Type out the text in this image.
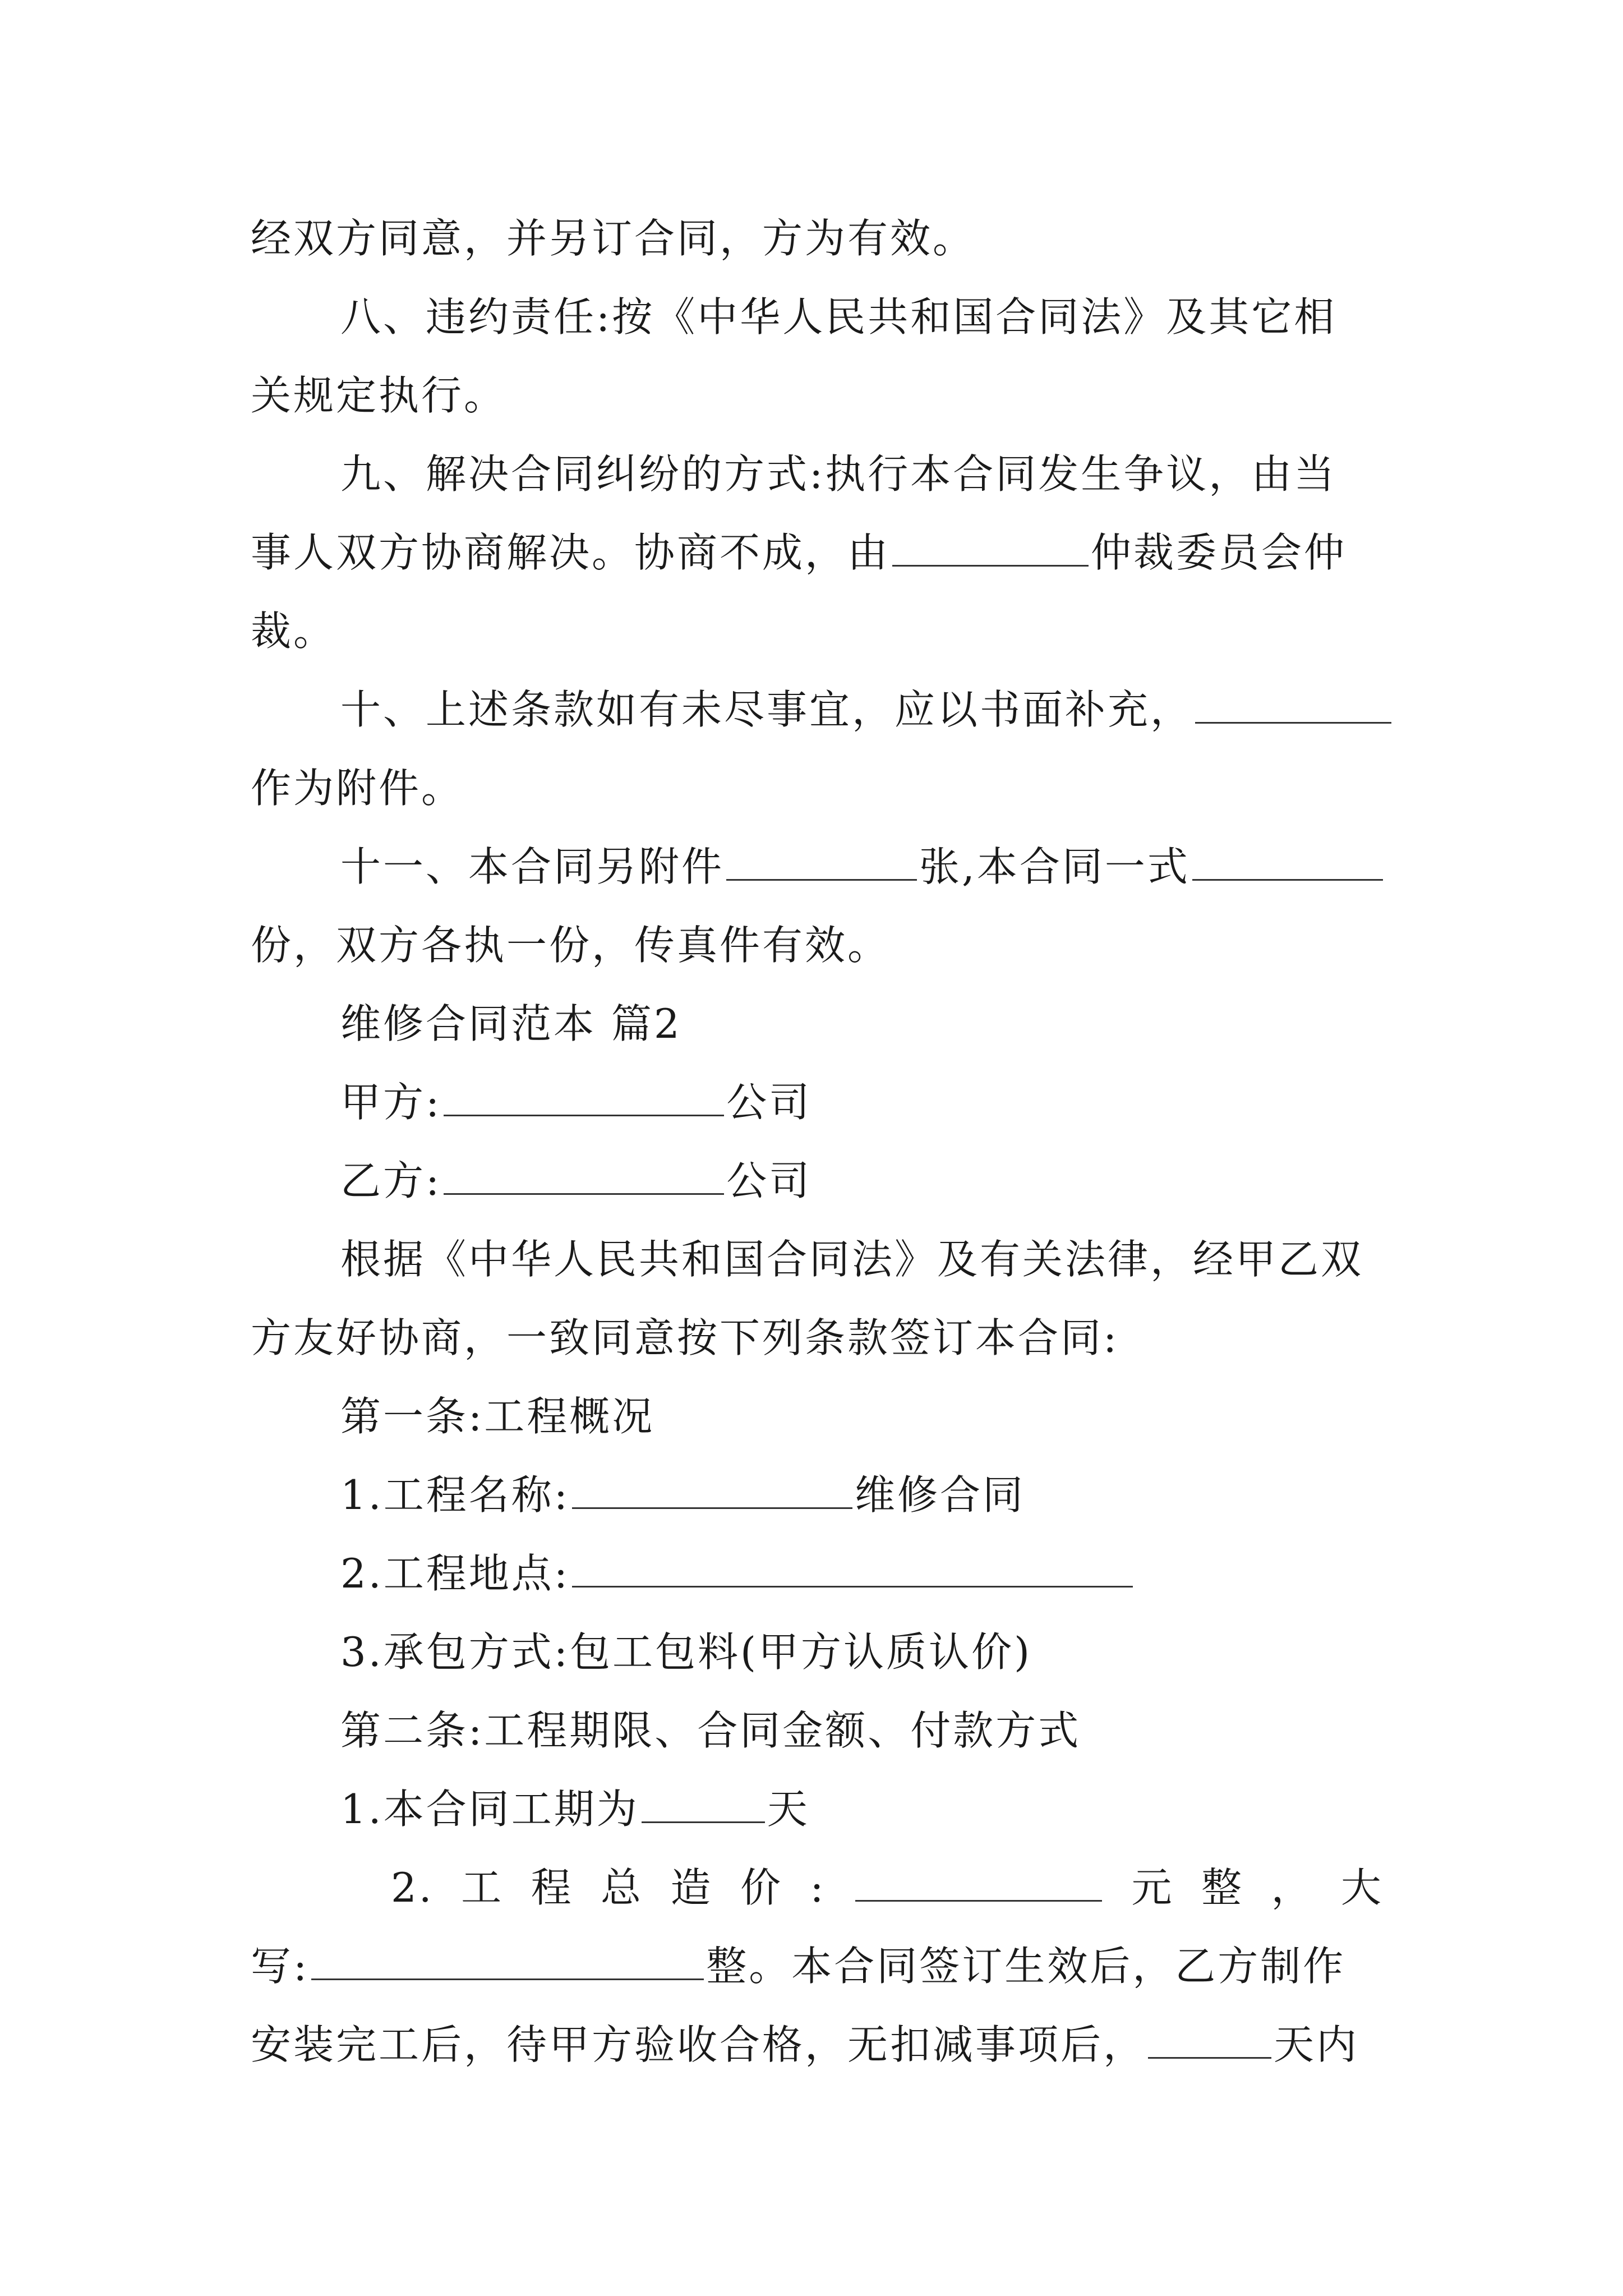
经双方同意，并另订合同，方为有效。
八、违约责任:按《中华人民共和国合同法》及其它相
关规定执行。
九、解决合同纠纷的方式:执行本合同发生争议，由当
事人双方协商解决。协商不成，由	仲裁委员会仲
裁。
十、上述条款如有未尽事宜，应以书面补充，
作为附件。
十一、本合同另附件	张,本合同一式
份，双方各执一份，传真件有效。
维修合同范本 篇2
甲方:	公司
乙方:	公司
根据《中华人民共和国合同法》及有关法律，经甲乙双
方友好协商，一致同意按下列条款签订本合同:
第一条:工程概况
1.工程名称:	维修合同
2.工程地点:
3.承包方式:包工包料(甲方认质认价)
第二条:工程期限、合同金额、付款方式
1.本合同工期为	天
2. 工 程 总 造 价 :	元 整 ， 大
写:	整。本合同签订生效后，乙方制作
安装完工后，待甲方验收合格，无扣减事项后，	天内
